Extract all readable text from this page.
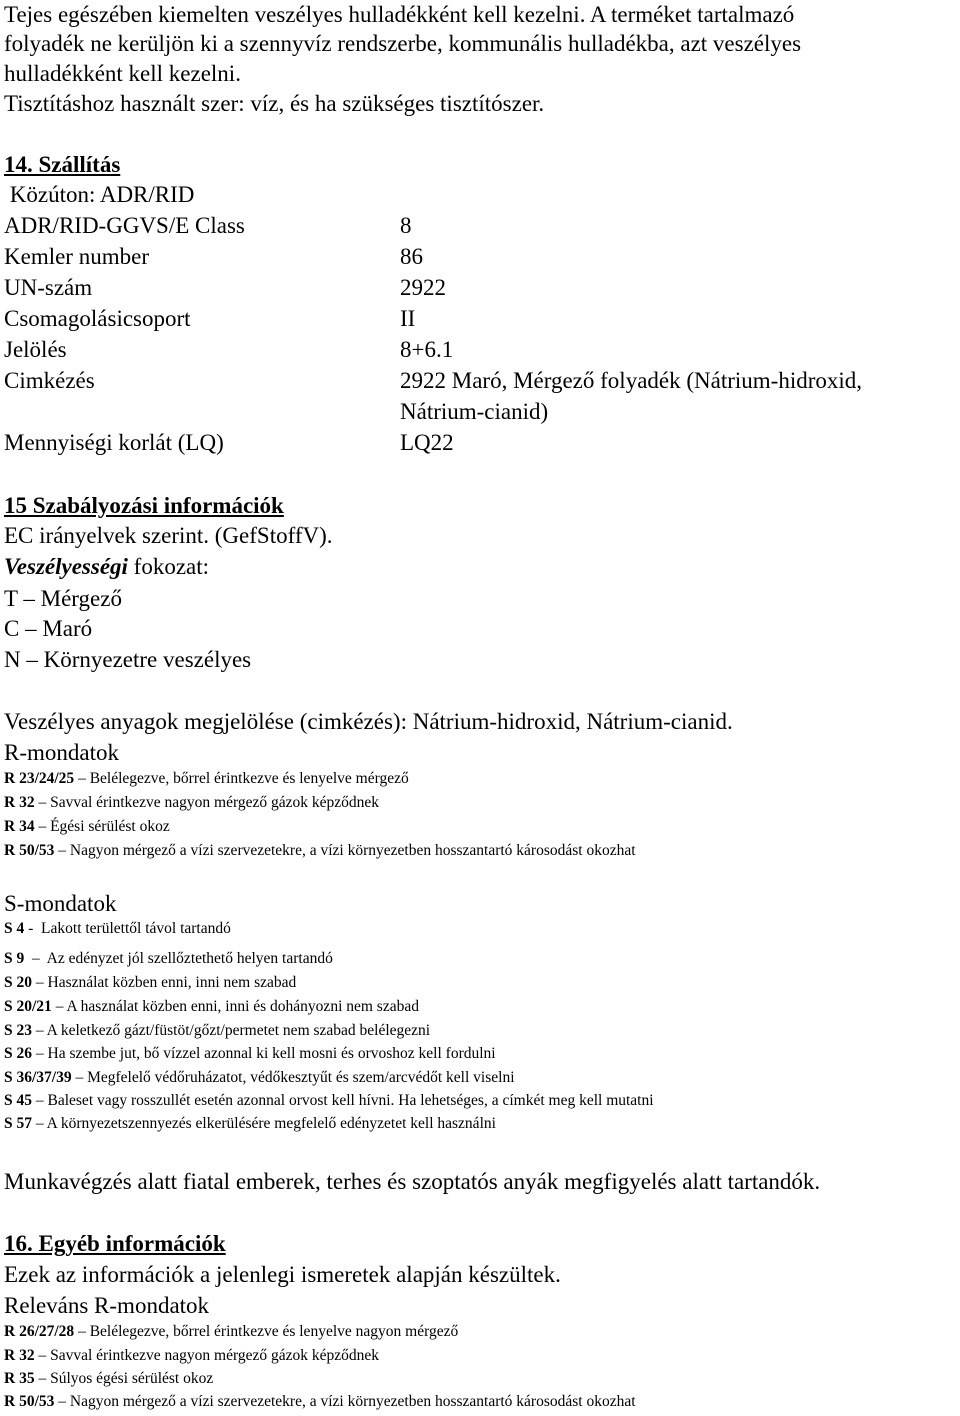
Tejes egészében kiemelten veszélyes hulladékként kell kezelni. A terméket tartalmazó
folyadék ne kerüljön ki a szennyvíz rendszerbe, kommunális hulladékba, azt veszélyes
hulladékként kell kezelni.
Tisztításhoz használt szer: víz, és ha szükséges tisztítószer.
14. Szállítás
Közúton: ADR/RID
ADR/RID-GGVS/E Class	8
Kemler number	86
UN-szám	2922
Csomagolásicsoport	II
Jelölés	8+6.1
Cimkézés	2922 Maró, Mérgező folyadék (Nátrium-hidroxid,
Nátrium-cianid)
Mennyiségi korlát (LQ)	LQ22
15 Szabályozási információk
EC irányelvek szerint. (GefStoffV).
Veszélyességi fokozat:
T – Mérgező
C – Maró
N – Környezetre veszélyes
Veszélyes anyagok megjelölése (cimkézés): Nátrium-hidroxid, Nátrium-cianid.
R-mondatok
R 23/24/25 – Belélegezve, bőrrel érintkezve és lenyelve mérgező
R 32 – Savval érintkezve nagyon mérgező gázok képződnek
R 34 – Égési sérülést okoz
R 50/53 – Nagyon mérgező a vízi szervezetekre, a vízi környezetben hosszantartó károsodást okozhat
S-mondatok
S 4 -  Lakott területtől távol tartandó
S 9  –  Az edényzet jól szellőztethető helyen tartandó
S 20 – Használat közben enni, inni nem szabad
S 20/21 – A használat közben enni, inni és dohányozni nem szabad
S 23 – A keletkező gázt/füstöt/gőzt/permetet nem szabad belélegezni
S 26 – Ha szembe jut, bő vízzel azonnal ki kell mosni és orvoshoz kell fordulni
S 36/37/39 – Megfelelő védőruházatot, védőkesztyűt és szem/arcvédőt kell viselni
S 45 – Baleset vagy rosszullét esetén azonnal orvost kell hívni. Ha lehetséges, a címkét meg kell mutatni
S 57 – A környezetszennyezés elkerülésére megfelelő edényzetet kell használni
Munkavégzés alatt fiatal emberek, terhes és szoptatós anyák megfigyelés alatt tartandók.
16. Egyéb információk
Ezek az információk a jelenlegi ismeretek alapján készültek.
Releváns R-mondatok
R 26/27/28 – Belélegezve, bőrrel érintkezve és lenyelve nagyon mérgező
R 32 – Savval érintkezve nagyon mérgező gázok képződnek
R 35 – Súlyos égési sérülést okoz
R 50/53 – Nagyon mérgező a vízi szervezetekre, a vízi környezetben hosszantartó károsodást okozhat
